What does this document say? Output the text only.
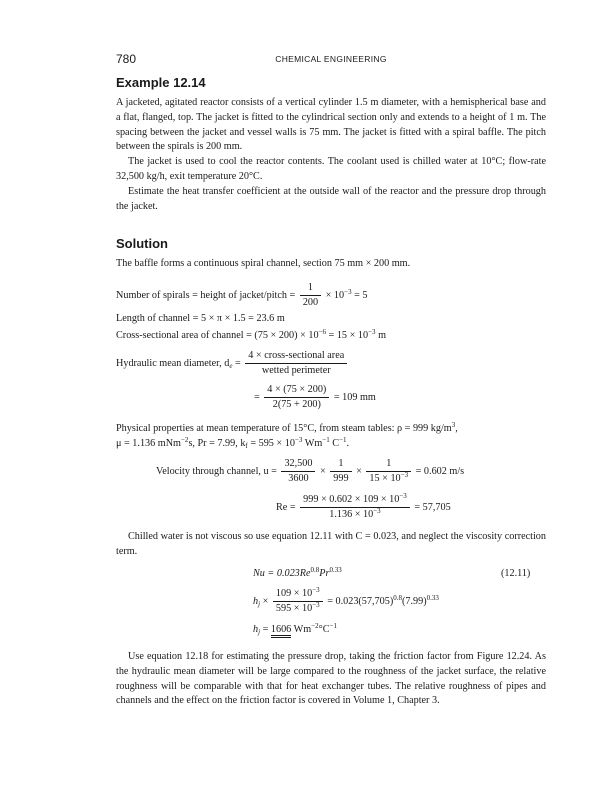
780	CHEMICAL ENGINEERING
Example 12.14

A jacketed, agitated reactor consists of a vertical cylinder 1.5 m diameter, with a hemispherical base and a flat, flanged, top. The jacket is fitted to the cylindrical section only and extends to a height of 1 m. The spacing between the jacket and vessel walls is 75 mm. The jacket is fitted with a spiral baffle. The pitch between the spirals is 200 mm.

The jacket is used to cool the reactor contents. The coolant used is chilled water at 10°C; flow-rate 32,500 kg/h, exit temperature 20°C.

Estimate the heat transfer coefficient at the outside wall of the reactor and the pressure drop through the jacket.

Solution
The baffle forms a continuous spiral channel, section 75 mm × 200 mm.
Number of spirals = height of jacket/pitch = $\frac{1}{200} \times 10^{-3} = 5$
Length of channel = 5 × π × 1.5 = 23.6 m
Cross-sectional area of channel = $(75 \times 200) \times 10^{-6} = 15 \times 10^{-3}$ m
Hydraulic mean diameter, $d_e = \frac{\text{4 × cross-sectional area}}{\text{wetted perimeter}}$
= $\frac{4 \times (75 \times 200)}{2(75 + 200)} = 109$ mm

Physical properties at mean temperature of 15°C, from steam tables: ρ = 999 $kg/m^3$,

μ = 1.136 mNm$^{-2}$s, Pr = 7.99, $k_f = 595 \times 10^{-3}$ $Wm^{-1}$ $C^{-1}$.

Velocity through channel, $u = \frac{32,500}{3600} \times \frac{1}{999} \times \frac{1}{15 \times 10^{-3}} = 0.602$ m/s
$Re = \frac{999 \times 0.602 \times 109 \times 10^{-3}}{1.136 \times 10^{-3}} = 57,705$

Chilled water is not viscous so use equation 12.11 with C = 0.023, and neglect the viscosity correction term.

$Nu = 0.023Re^{0.8}Pr^{0.33}$	(12.11)
$h_j \times \frac{109 \times 10^{-3}}{595 \times 10^{-3}} = 0.023(57,705)^{0.8}(7.99)^{0.33}$
$h_j = 1606$ $Wm^{-2}^\circ C^{-1}$

Use equation 12.18 for estimating the pressure drop, taking the friction factor from Figure 12.24. As the hydraulic mean diameter will be large compared to the roughness of the jacket surface, the relative roughness will be comparable with that for heat exchanger tubes. The relative roughness of pipes and channels and the effect on the friction factor is covered in Volume 1, Chapter 3.
